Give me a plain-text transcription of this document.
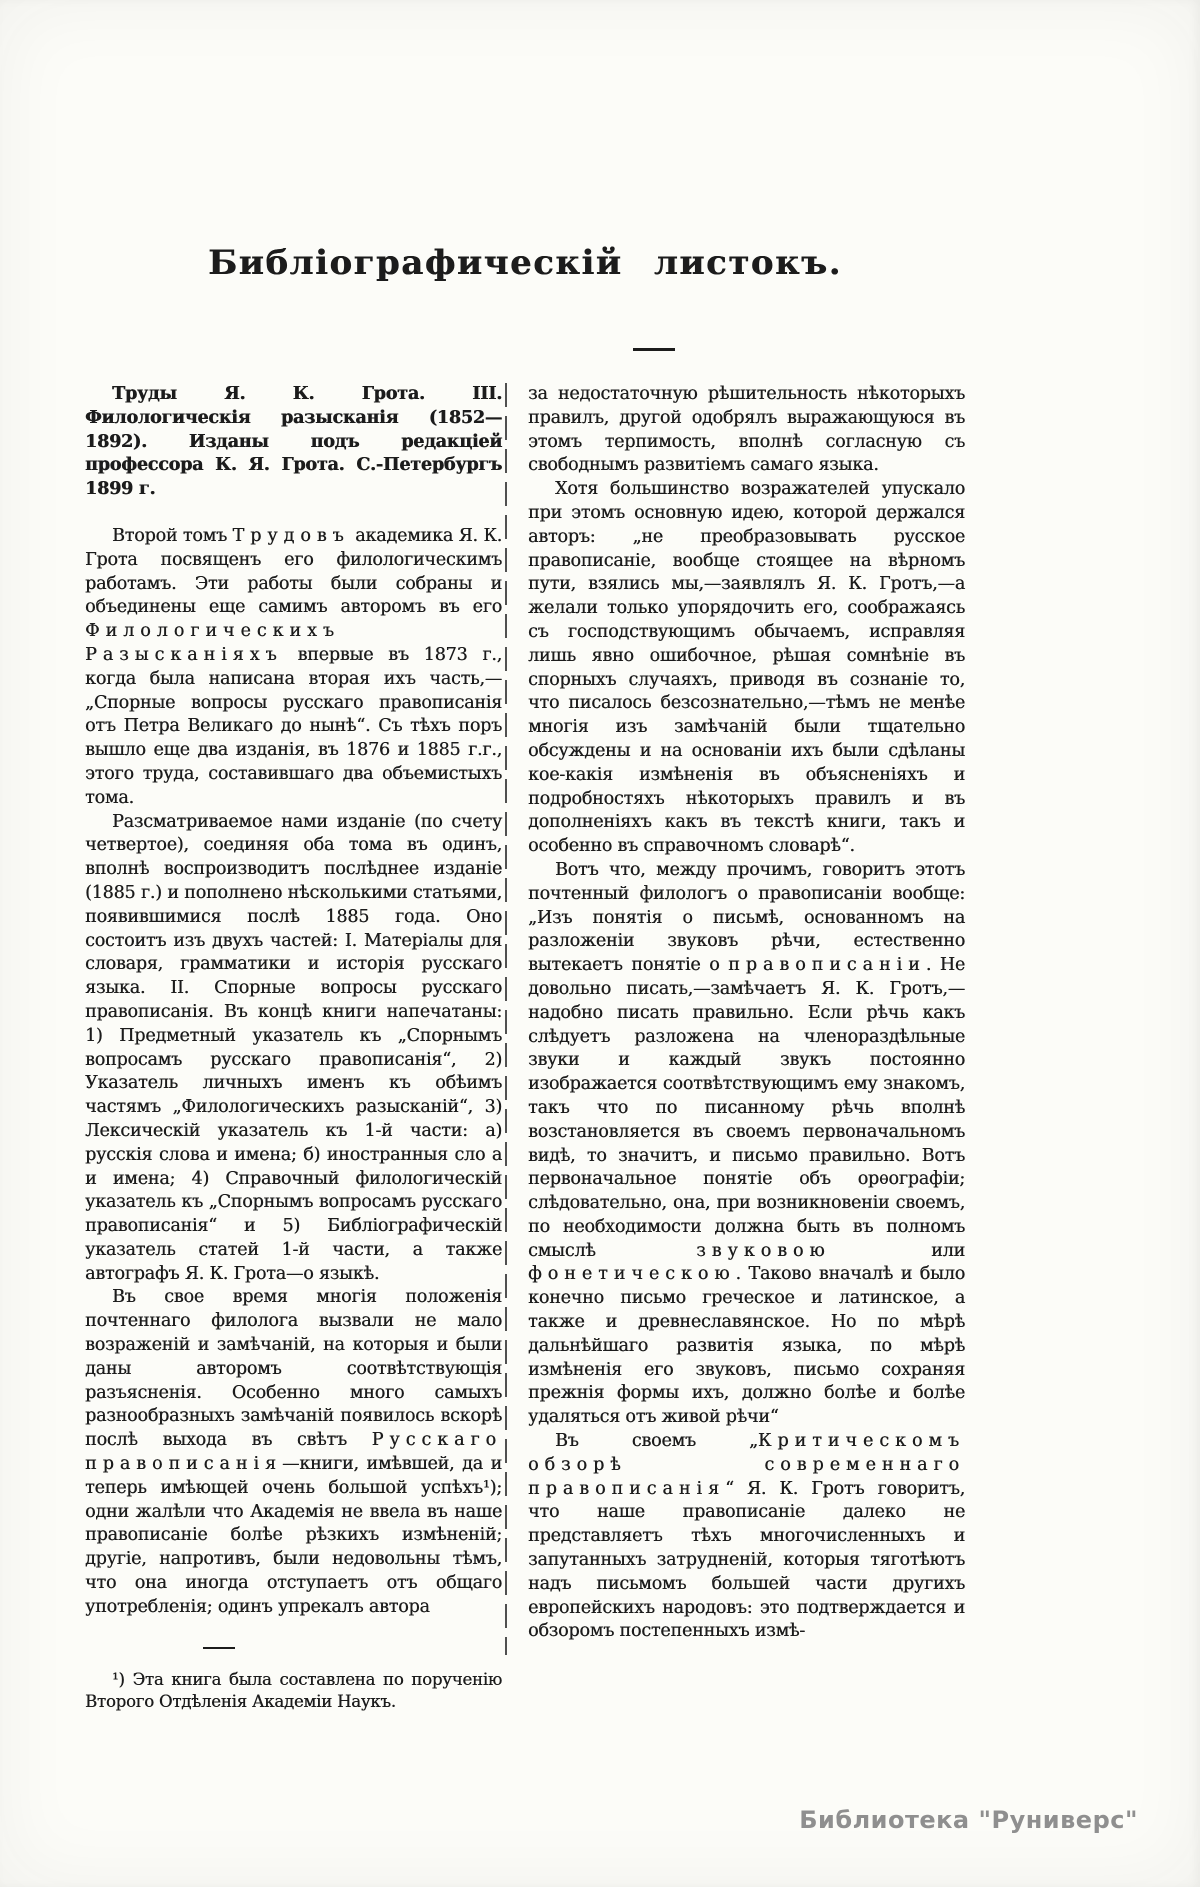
Библіографическій листокъ.

Труды Я. К. Грота. III. Филологическія разысканія (1852—1892). Изданы подъ редакціей профессора К. Я. Грота. С.-Петербургъ 1899 г.

Второй томъ Трудовъ академика Я. К. Грота посвященъ его филологическимъ работамъ. Эти работы были собраны и объединены еще самимъ авторомъ въ его Филологическихъ Разысканіяхъ впервые въ 1873 г., когда была написана вторая ихъ часть,—„Спорные вопросы русскаго правописанія отъ Петра Великаго до нынѣ“. Съ тѣхъ поръ вышло еще два изданія, въ 1876 и 1885 г.г., этого труда, составившаго два объемистыхъ тома.

Разсматриваемое нами изданіе (по счету четвертое), соединяя оба тома въ одинъ, вполнѣ воспроизводитъ послѣднее изданіе (1885 г.) и пополнено нѣсколькими статьями, появившимися послѣ 1885 года. Оно состоитъ изъ двухъ частей: I. Матеріалы для словаря, грамматики и исторія русскаго языка. II. Спорные вопросы русскаго правописанія. Въ концѣ книги напечатаны: 1) Предметный указатель къ „Спорнымъ вопросамъ русскаго правописанія“, 2) Указатель личныхъ именъ къ обѣимъ частямъ „Филологическихъ разысканій“, 3) Лексическій указатель къ 1-й части: а) русскія слова и имена; б) иностранныя сло а и имена; 4) Справочный филологическій указатель къ „Спорнымъ вопросамъ русскаго правописанія“ и 5) Библіографическій указатель статей 1-й части, а также автографъ Я. К. Грота—о языкѣ.

Въ свое время многія положенія почтеннаго филолога вызвали не мало возраженій и замѣчаній, на которыя и были даны авторомъ соотвѣтствующія разъясненія. Особенно много самыхъ разнообразныхъ замѣчаній появилось вскорѣ послѣ выхода въ свѣтъ Русскаго правописанія—книги, имѣвшей, да и теперь имѣющей очень большой успѣхъ¹); одни жалѣли что Академія не ввела въ наше правописаніе болѣе рѣзкихъ измѣненій; другіе, напротивъ, были недовольны тѣмъ, что она иногда отступаетъ отъ общаго употребленія; одинъ упрекалъ автора

¹) Эта книга была составлена по порученію Второго Отдѣленія Академіи Наукъ.

за недостаточную рѣшительность нѣкоторыхъ правилъ, другой одобрялъ выражающуюся въ этомъ терпимость, вполнѣ согласную съ свободнымъ развитіемъ самаго языка.

Хотя большинство возражателей упускало при этомъ основную идею, которой держался авторъ: „не преобразовывать русское правописаніе, вообще стоящее на вѣрномъ пути, взялись мы,—заявлялъ Я. К. Гротъ,—а желали только упорядочить его, соображаясь съ господствующимъ обычаемъ, исправляя лишь явно ошибочное, рѣшая сомнѣніе въ спорныхъ случаяхъ, приводя въ сознаніе то, что писалось безсознательно,—тѣмъ не менѣе многія изъ замѣчаній были тщательно обсуждены и на основаніи ихъ были сдѣланы кое-какія измѣненія въ объясненіяхъ и подробностяхъ нѣкоторыхъ правилъ и въ дополненіяхъ какъ въ текстѣ книги, такъ и особенно въ справочномъ словарѣ“.

Вотъ что, между прочимъ, говоритъ этотъ почтенный филологъ о правописаніи вообще: „Изъ понятія о письмѣ, основанномъ на разложеніи звуковъ рѣчи, естественно вытекаетъ понятіе о правописаніи. Не довольно писать,—замѣчаетъ Я. К. Гротъ,—надобно писать правильно. Если рѣчь какъ слѣдуетъ разложена на членораздѣльные звуки и каждый звукъ постоянно изображается соотвѣтствующимъ ему знакомъ, такъ что по писанному рѣчь вполнѣ возстановляется въ своемъ первоначальномъ видѣ, то значитъ, и письмо правильно. Вотъ первоначальное понятіе объ орѳографіи; слѣдовательно, она, при возникновеніи своемъ, по необходимости должна быть въ полномъ смыслѣ звуковою или фонетическою. Таково вначалѣ и было конечно письмо греческое и латинское, а также и древнеславянское. Но по мѣрѣ дальнѣйшаго развитія языка, по мѣрѣ измѣненія его звуковъ, письмо сохраняя прежнія формы ихъ, должно болѣе и болѣе удаляться отъ живой рѣчи“

Въ своемъ „Критическомъ обзорѣ современнаго правописанія“ Я. К. Гротъ говоритъ, что наше правописаніе далеко не представляетъ тѣхъ многочисленныхъ и запутанныхъ затрудненій, которыя тяготѣютъ надъ письмомъ большей части другихъ европейскихъ народовъ: это подтверждается и обзоромъ постепенныхъ измѣ-

Библиотека "Руниверс"
